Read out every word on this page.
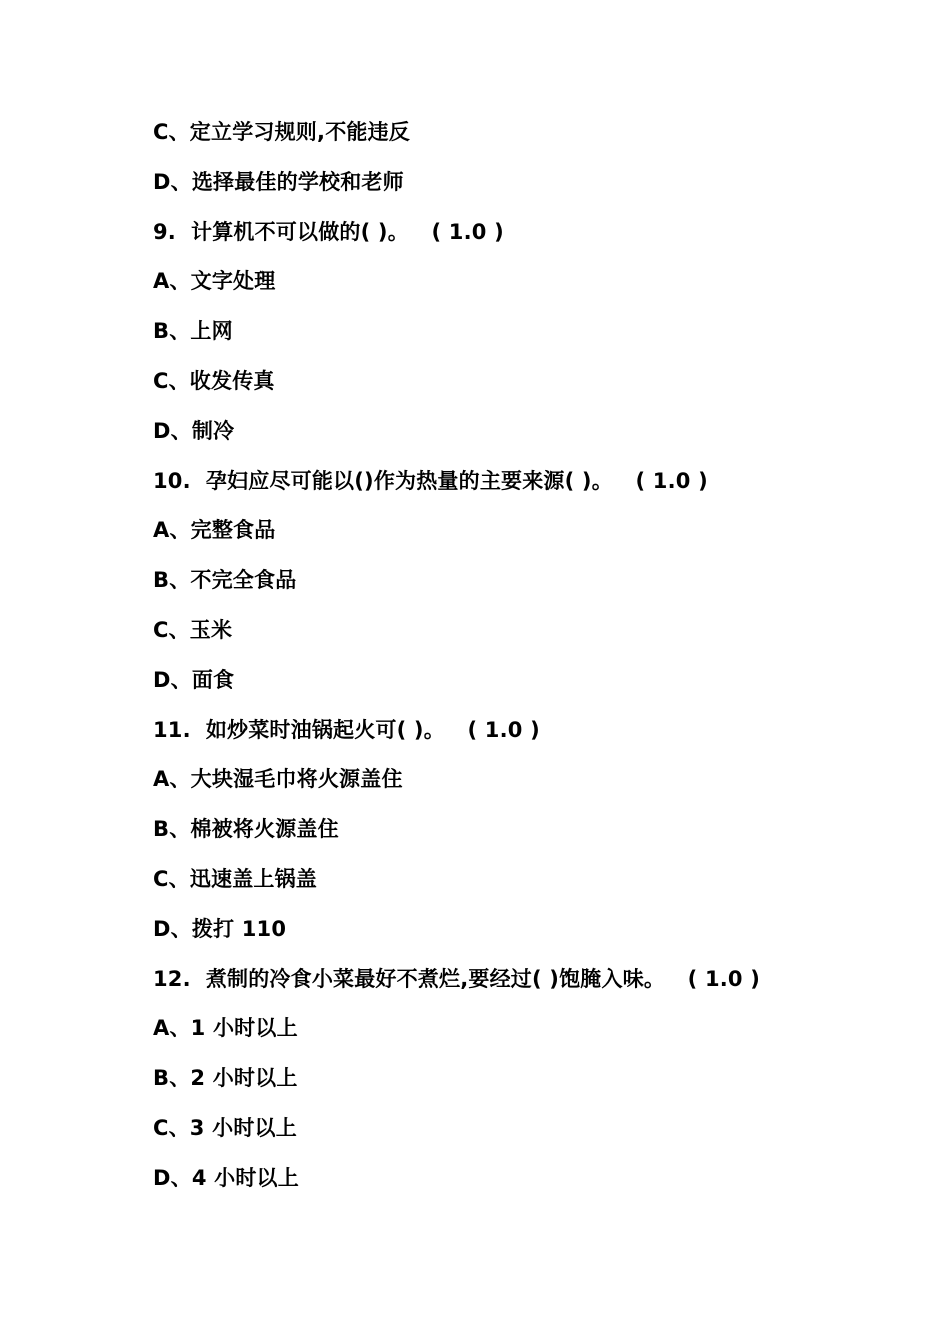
C、定立学习规则,不能违反
D、选择最佳的学校和老师
9.  计算机不可以做的( )。   ( 1.0 )
A、文字处理
B、上网
C、收发传真
D、制冷
10.  孕妇应尽可能以()作为热量的主要来源( )。   ( 1.0 )
A、完整食品
B、不完全食品
C、玉米
D、面食
11.  如炒菜时油锅起火可( )。   ( 1.0 )
A、大块湿毛巾将火源盖住
B、棉被将火源盖住
C、迅速盖上锅盖
D、拨打 110
12.  煮制的冷食小菜最好不煮烂,要经过( )饱腌入味。   ( 1.0 )
A、1 小时以上
B、2 小时以上
C、3 小时以上
D、4 小时以上
